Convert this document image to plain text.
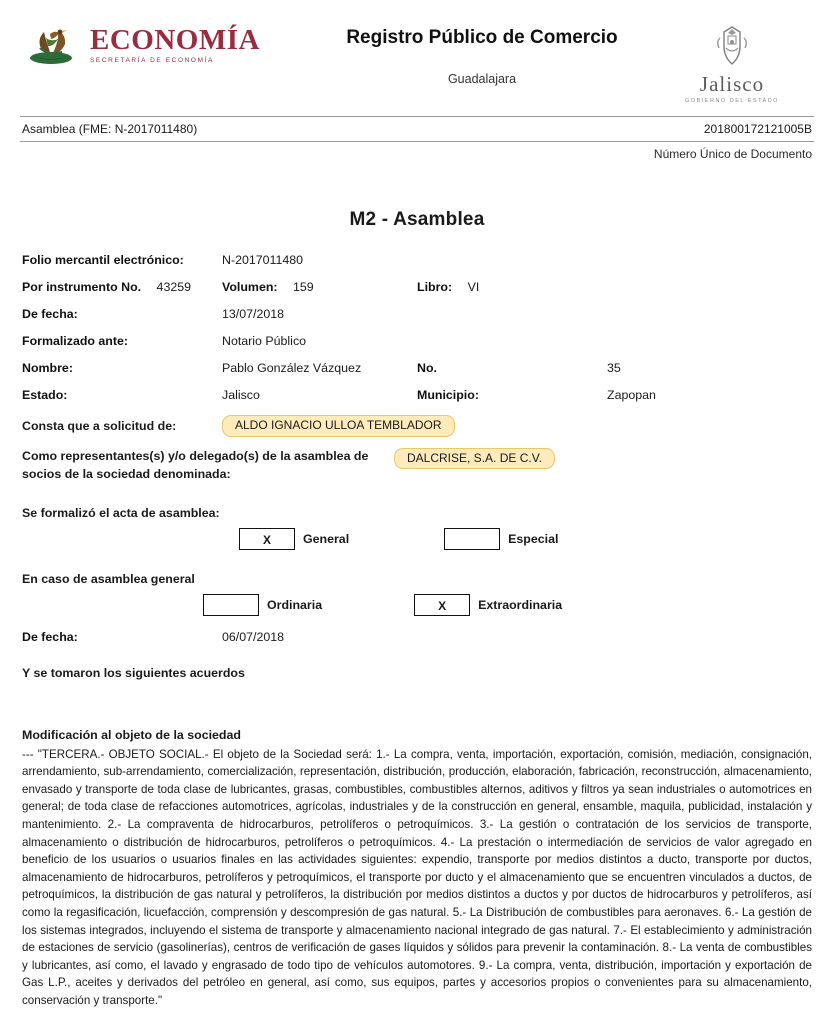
ECONOMÍA
SECRETARÍA DE ECONOMÍA
Registro Público de Comercio
Guadalajara	Jalisco
GOBIERNO DEL ESTADO
Asamblea (FME: N-2017011480)	201800172121005B
Número Único de Documento
M2 - Asamblea
Folio mercantil electrónico:	N-2017011480
Por instrumento No. 43259	Volumen: 159	Libro: VI
De fecha:	13/07/2018
Formalizado ante:	Notario Público
Nombre:	Pablo González Vázquez	No.	35
Estado:	Jalisco	Municipio:	Zapopan
Consta que a solicitud de:	ALDO IGNACIO ULLOA TEMBLADOR
Como representantes(s) y/o delegado(s) de la asamblea de socios de la sociedad denominada:
DALCRISE, S.A. DE C.V.
Se formalizó el acta de asamblea:
X	General	Especial
En caso de asamblea general
Ordinaria	X	Extraordinaria
De fecha:	06/07/2018
Y se tomaron los siguientes acuerdos
Modificación al objeto de la sociedad
--- "TERCERA.- OBJETO SOCIAL.- El objeto de la Sociedad será: 1.- La compra, venta, importación, exportación, comisión, mediación, consignación, arrendamiento, sub-arrendamiento, comercialización, representación, distribución, producción, elaboración, fabricación, reconstrucción, almacenamiento, envasado y transporte de toda clase de lubricantes, grasas, combustibles, combustibles alternos, aditivos y filtros ya sean industriales o automotrices en general; de toda clase de refacciones automotrices, agrícolas, industriales y de la construcción en general, ensamble, maquila, publicidad, instalación y mantenimiento. 2.- La compraventa de hidrocarburos, petrolíferos o petroquímicos. 3.- La gestión o contratación de los servicios de transporte, almacenamiento o distribución de hidrocarburos, petrolíferos o petroquímicos. 4.- La prestación o intermediación de servicios de valor agregado en beneficio de los usuarios o usuarios finales en las actividades siguientes: expendio, transporte por medios distintos a ducto, transporte por ductos, almacenamiento de hidrocarburos, petrolíferos y petroquímicos, el transporte por ducto y el almacenamiento que se encuentren vinculados a ductos, de petroquímicos, la distribución de gas natural y petrolíferos, la distribución por medios distintos a ductos y por ductos de hidrocarburos y petrolíferos, así como la regasificación, licuefacción, comprensión y descompresión de gas natural. 5.- La Distribución de combustibles para aeronaves. 6.- La gestión de los sistemas integrados, incluyendo el sistema de transporte y almacenamiento nacional integrado de gas natural. 7.- El establecimiento y administración de estaciones de servicio (gasolinerías), centros de verificación de gases líquidos y sólidos para prevenir la contaminación. 8.- La venta de combustibles y lubricantes, así como, el lavado y engrasado de todo tipo de vehículos automotores. 9.- La compra, venta, distribución, importación y exportación de Gas L.P., aceites y derivados del petróleo en general, así como, sus equipos, partes y accesorios propios o convenientes para su almacenamiento, conservación y transporte."
